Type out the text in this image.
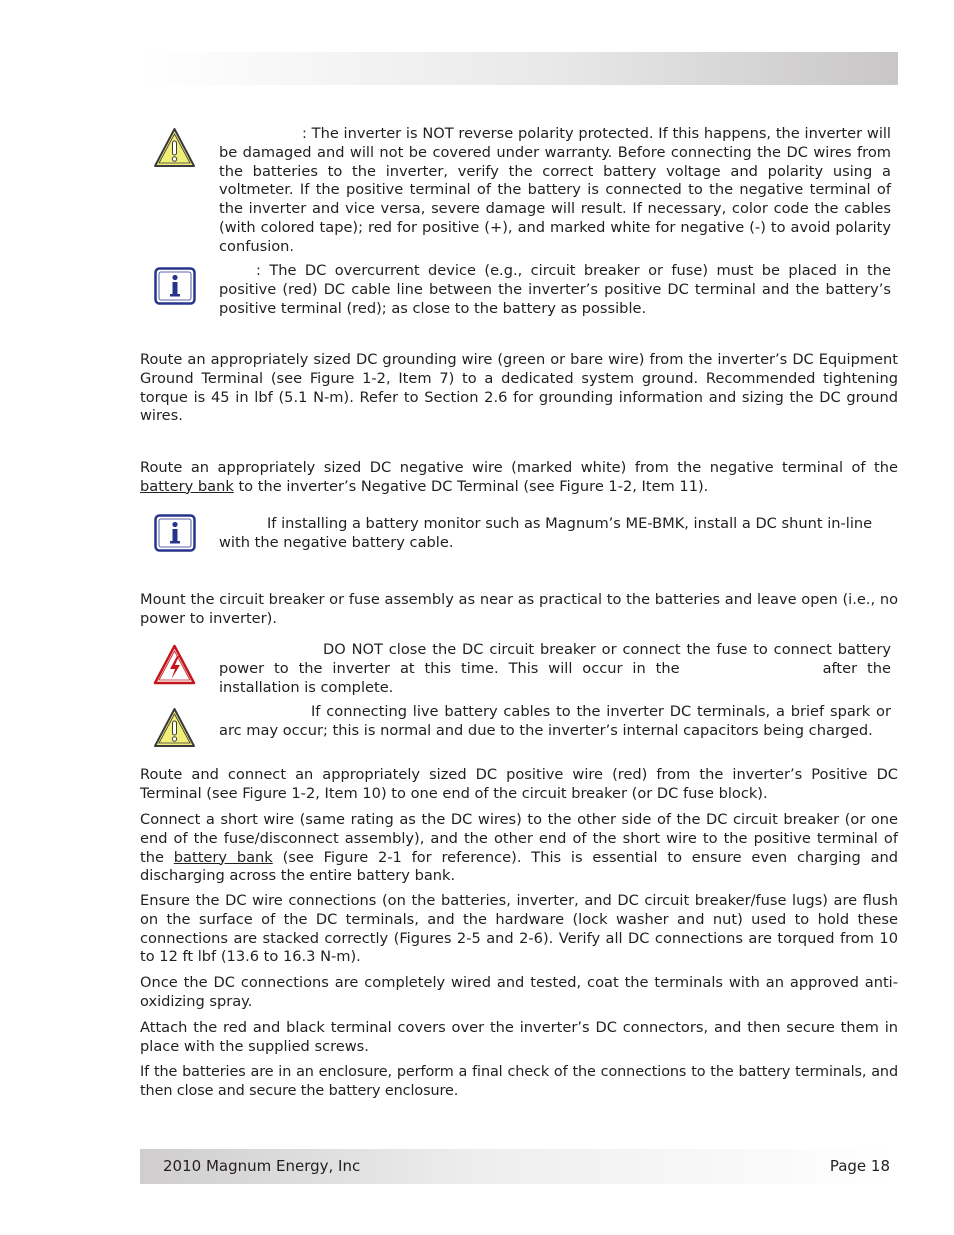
: The inverter is NOT reverse polarity protected. If this happens, the inverter will be damaged and will not be covered under warranty. Before connecting the DC wires from the batteries to the inverter, verify the correct battery voltage and polarity using a voltmeter. If the positive terminal of the battery is connected to the negative terminal of the inverter and vice versa, severe damage will result. If necessary, color code the cables (with colored tape); red for positive (+), and marked white for negative (-) to avoid polarity confusion.

: The DC overcurrent device (e.g., circuit breaker or fuse) must be placed in the positive (red) DC cable line between the inverter’s positive DC terminal and the battery’s positive terminal (red); as close to the battery as possible.

Route an appropriately sized DC grounding wire (green or bare wire) from the inverter’s DC Equipment Ground Terminal (see Figure 1-2, Item 7) to a dedicated system ground. Recommended tightening torque is 45 in lbf (5.1 N-m). Refer to Section 2.6 for grounding information and sizing the DC ground wires.

Route an appropriately sized DC negative wire (marked white) from the negative terminal of the battery bank to the inverter’s Negative DC Terminal (see Figure 1-2, Item 11).

If installing a battery monitor such as Magnum’s ME-BMK, install a DC shunt in-line with the negative battery cable.

Mount the circuit breaker or fuse assembly as near as practical to the batteries and leave open (i.e., no power to inverter).

DO NOT close the DC circuit breaker or connect the fuse to connect battery power to the inverter at this time. This will occur in the	after the installation is complete.

If connecting live battery cables to the inverter DC terminals, a brief spark or arc may occur; this is normal and due to the inverter’s internal capacitors being charged.

Route and connect an appropriately sized DC positive wire (red) from the inverter’s Positive DC Terminal (see Figure 1-2, Item 10) to one end of the circuit breaker (or DC fuse block).

Connect a short wire (same rating as the DC wires) to the other side of the DC circuit breaker (or one end of the fuse/disconnect assembly), and the other end of the short wire to the positive terminal of the battery bank (see Figure 2-1 for reference). This is essential to ensure even charging and discharging across the entire battery bank.

Ensure the DC wire connections (on the batteries, inverter, and DC circuit breaker/fuse lugs) are flush on the surface of the DC terminals, and the hardware (lock washer and nut) used to hold these connections are stacked correctly (Figures 2-5 and 2-6). Verify all DC connections are torqued from 10 to 12 ft lbf (13.6 to 16.3 N-m).

Once the DC connections are completely wired and tested, coat the terminals with an approved anti-oxidizing spray.

Attach the red and black terminal covers over the inverter’s DC connectors, and then secure them in place with the supplied screws.

If the batteries are in an enclosure, perform a final check of the connections to the battery terminals, and then close and secure the battery enclosure.

2010 Magnum Energy, Inc	Page 18
